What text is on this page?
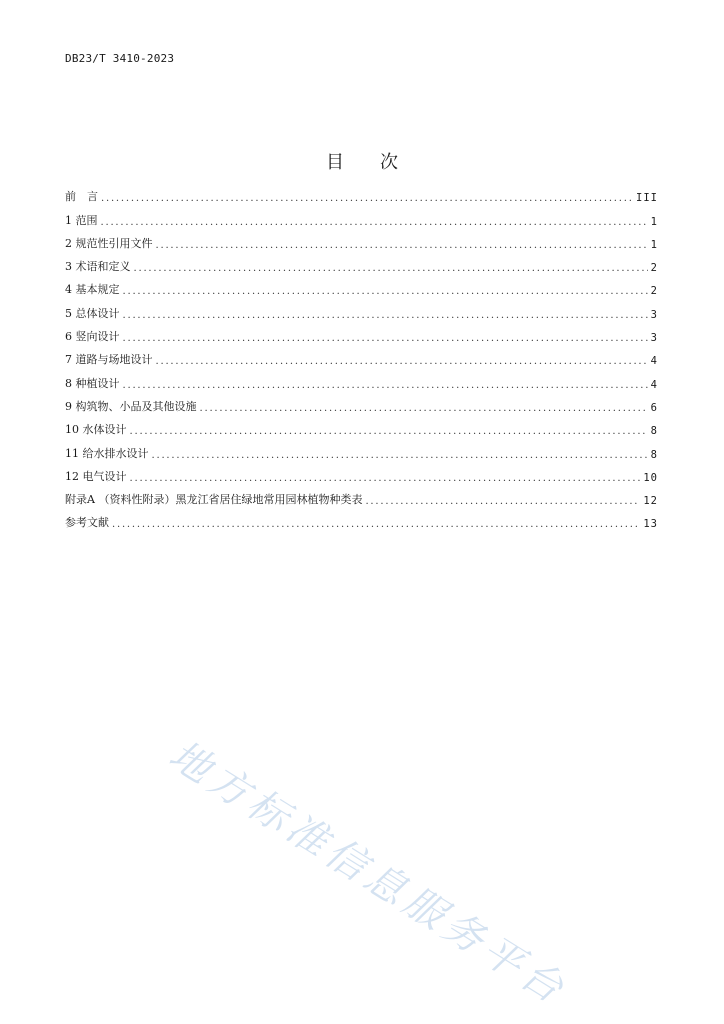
DB23/T 3410-2023
目次
前　言 .....	III
1 范围 .....	1
2 规范性引用文件 .....	1
3 术语和定义 .....	2
4 基本规定 .....	2
5 总体设计 .....	3
6 竖向设计 .....	3
7 道路与场地设计 .....	4
8 种植设计 .....	4
9 构筑物、小品及其他设施 .....	6
10 水体设计 .....	8
11 给水排水设计 .....	8
12 电气设计 .....	10
附录A （资料性附录）黑龙江省居住绿地常用园林植物种类表 .....	12
参考文献 .....	13
地方标准信息服务平台
